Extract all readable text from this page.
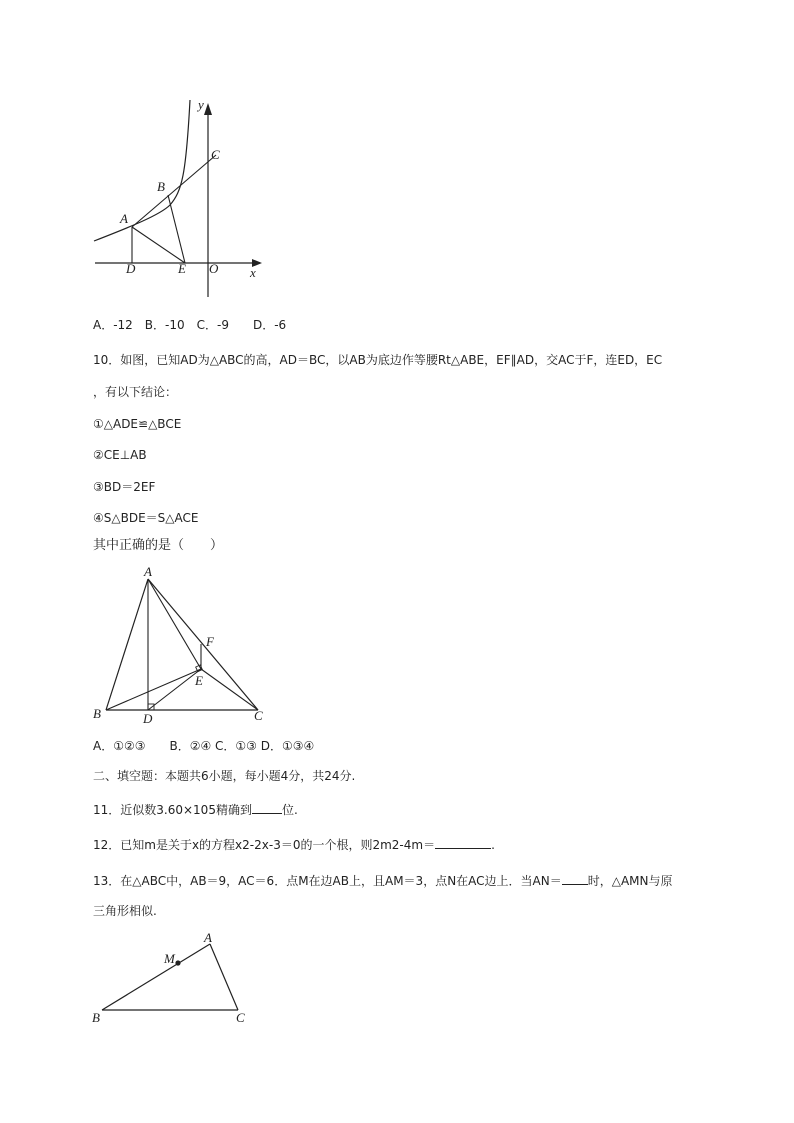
y
x
C
B
A
D	E O
A．-12　B．-10　C．-9　　D．-6
10．如图，已知AD为△ABC的高，AD＝BC，以AB为底边作等腰Rt△ABE，EF∥AD，交AC于F，连ED，EC
，有以下结论：
①△ADE≌△BCE
②CE⊥AB
③BD＝2EF
④S△BDE＝S△ACE
其中正确的是（　　）
A
F
E
B	D	C
A．①②③　　B．②④ C．①③ D．①③④
二、填空题：本题共6小题，每小题4分，共24分.
11．近似数3.60×105精确到	位.
12．已知m是关于x的方程x2-2x-3＝0的一个根，则2m2-4m＝	.
13．在△ABC中，AB＝9，AC＝6．点M在边AB上，且AM＝3，点N在AC边上．当AN＝ 时，△AMN与原
三角形相似.
A
M
B	C
